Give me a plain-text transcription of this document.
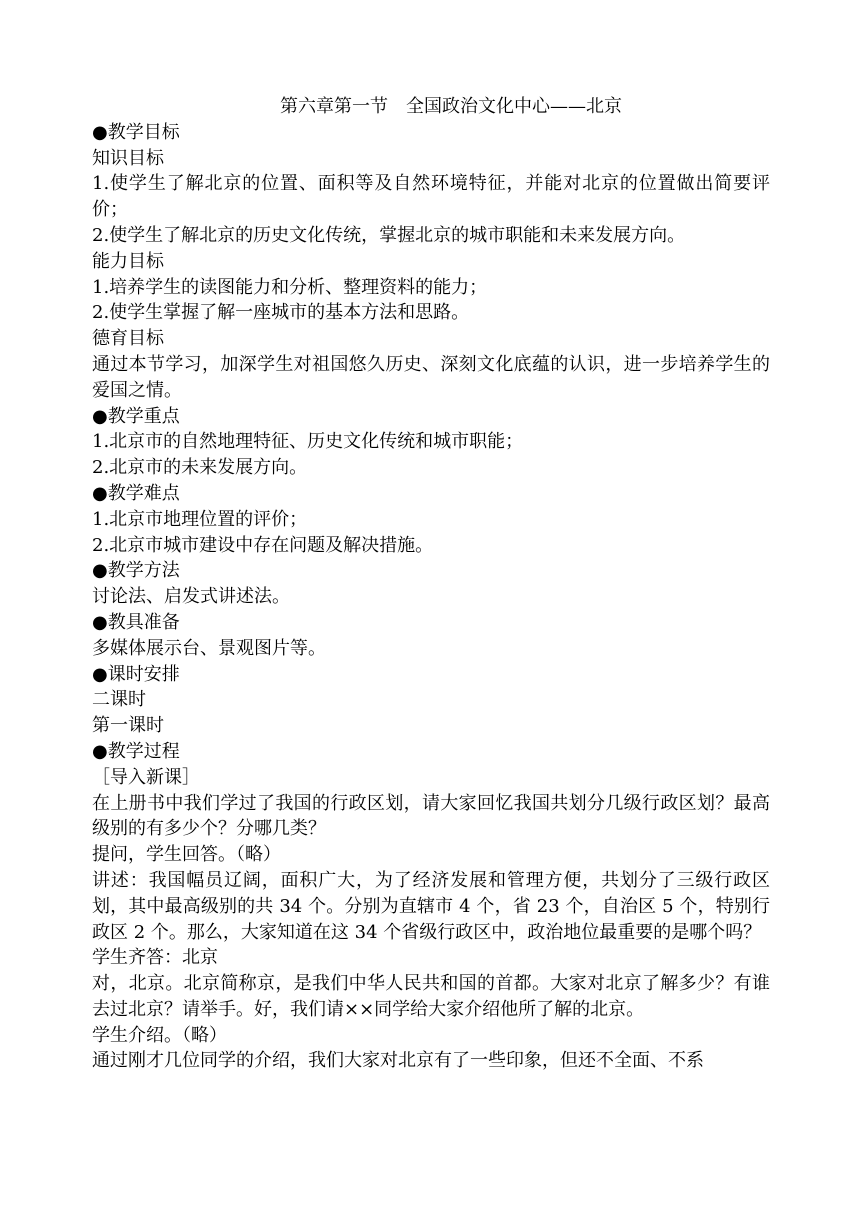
第六章第一节　全国政治文化中心——北京

●教学目标

知识目标

1.使学生了解北京的位置、面积等及自然环境特征，并能对北京的位置做出简要评价；

2.使学生了解北京的历史文化传统，掌握北京的城市职能和未来发展方向。

能力目标

1.培养学生的读图能力和分析、整理资料的能力；

2.使学生掌握了解一座城市的基本方法和思路。

德育目标

通过本节学习，加深学生对祖国悠久历史、深刻文化底蕴的认识，进一步培养学生的爱国之情。

●教学重点

1.北京市的自然地理特征、历史文化传统和城市职能；

2.北京市的未来发展方向。

●教学难点

1.北京市地理位置的评价；

2.北京市城市建设中存在问题及解决措施。

●教学方法

讨论法、启发式讲述法。

●教具准备

多媒体展示台、景观图片等。

●课时安排

二课时

第一课时

●教学过程

［导入新课］

在上册书中我们学过了我国的行政区划，请大家回忆我国共划分几级行政区划？最高级别的有多少个？分哪几类？

提问，学生回答。（略）

讲述：我国幅员辽阔，面积广大，为了经济发展和管理方便，共划分了三级行政区划，其中最高级别的共 34 个。分别为直辖市 4 个，省 23 个，自治区 5 个，特别行政区 2 个。那么，大家知道在这 34 个省级行政区中，政治地位最重要的是哪个吗？

学生齐答：北京

对，北京。北京简称京，是我们中华人民共和国的首都。大家对北京了解多少？有谁去过北京？请举手。好，我们请××同学给大家介绍他所了解的北京。

学生介绍。（略）

通过刚才几位同学的介绍，我们大家对北京有了一些印象，但还不全面、不系
